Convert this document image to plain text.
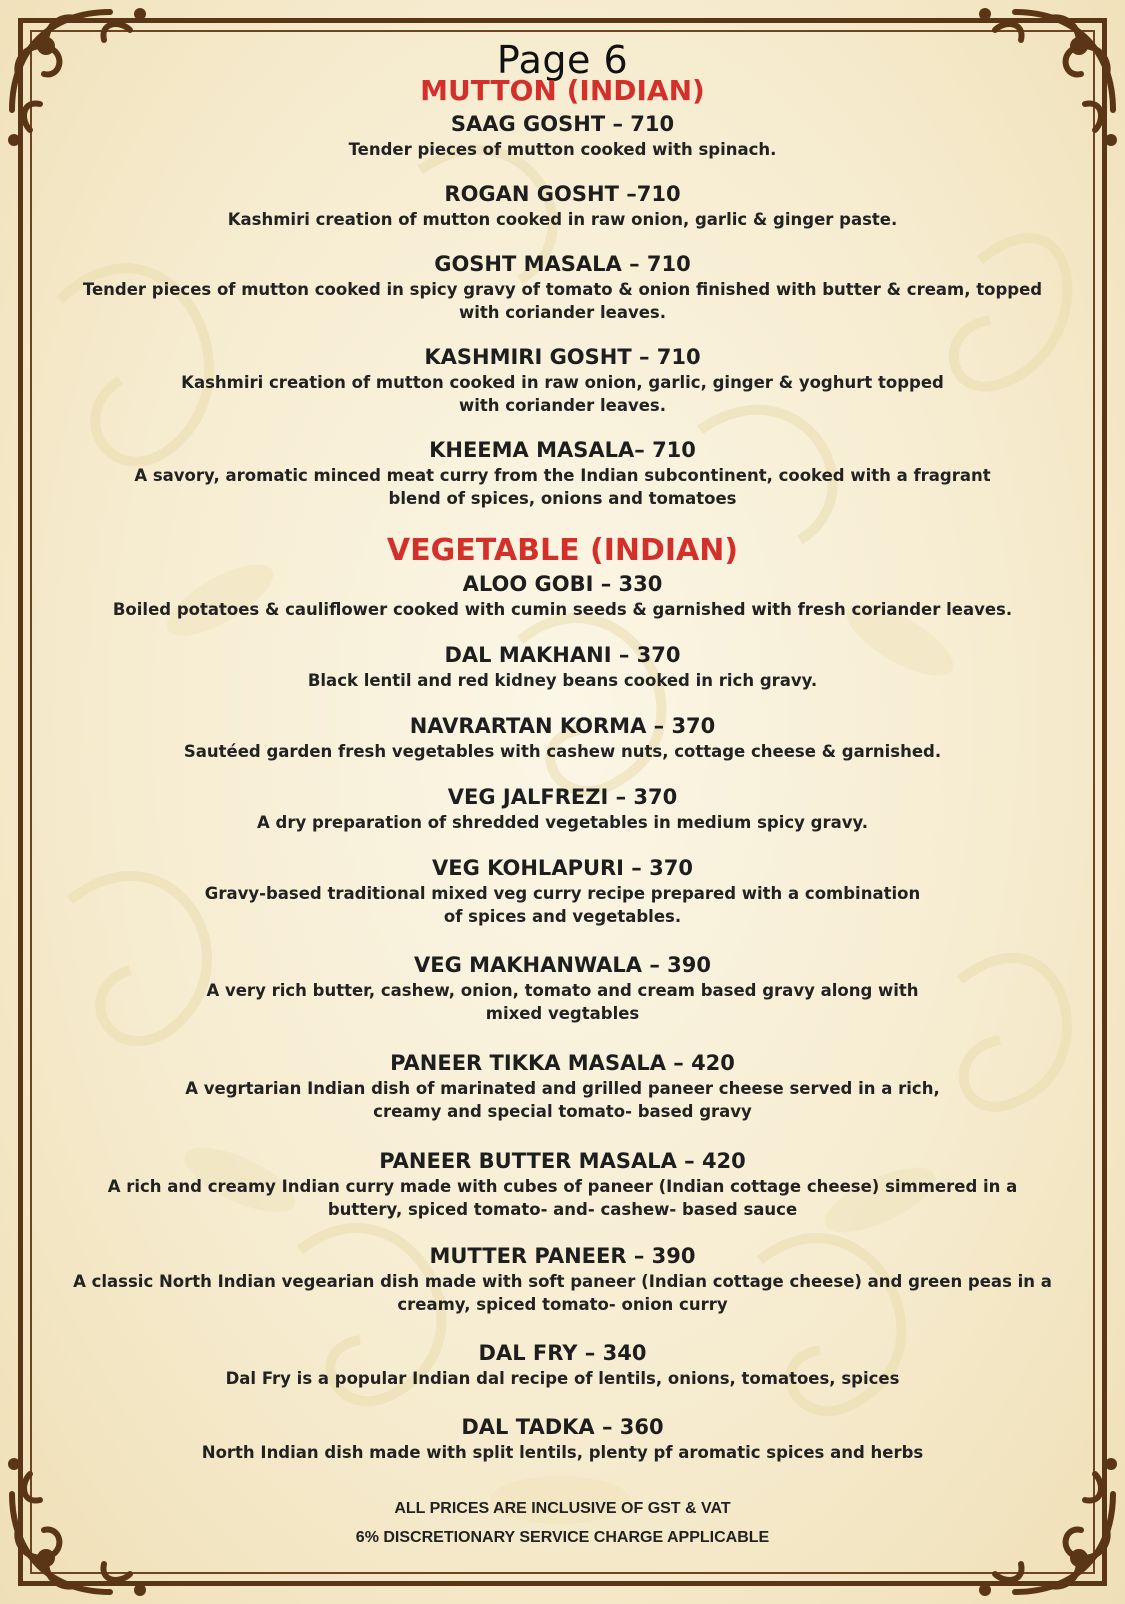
Page 6
MUTTON (INDIAN)
SAAG GOSHT – 710
Tender pieces of mutton cooked with spinach.
ROGAN GOSHT –710
Kashmiri creation of mutton cooked in raw onion, garlic & ginger paste.
GOSHT MASALA – 710
Tender pieces of mutton cooked in spicy gravy of tomato & onion finished with butter & cream, topped with coriander leaves.
KASHMIRI GOSHT – 710
Kashmiri creation of mutton cooked in raw onion, garlic, ginger & yoghurt topped with coriander leaves.
KHEEMA MASALA– 710
A savory, aromatic minced meat curry from the Indian subcontinent, cooked with a fragrant blend of spices, onions and tomatoes
VEGETABLE (INDIAN)
ALOO GOBI – 330
Boiled potatoes & cauliflower cooked with cumin seeds & garnished with fresh coriander leaves.
DAL MAKHANI – 370
Black lentil and red kidney beans cooked in rich gravy.
NAVRARTAN KORMA – 370
Sautéed garden fresh vegetables with cashew nuts, cottage cheese & garnished.
VEG JALFREZI – 370
A dry preparation of shredded vegetables in medium spicy gravy.
VEG KOHLAPURI – 370
Gravy-based traditional mixed veg curry recipe prepared with a combination of spices and vegetables.
VEG MAKHANWALA – 390
A very rich butter, cashew, onion, tomato and cream based gravy along with mixed vegtables
PANEER TIKKA MASALA – 420
A vegrtarian Indian dish of marinated and grilled paneer cheese served in a rich, creamy and special tomato- based gravy
PANEER BUTTER MASALA – 420
A rich and creamy Indian curry made with cubes of paneer (Indian cottage cheese) simmered in a buttery, spiced tomato- and- cashew- based sauce
MUTTER PANEER – 390
A classic North Indian vegearian dish made with soft paneer (Indian cottage cheese) and green peas in a creamy, spiced tomato- onion curry
DAL FRY – 340
Dal Fry is a popular Indian dal recipe of lentils, onions, tomatoes, spices
DAL TADKA – 360
North Indian dish made with split lentils, plenty pf aromatic spices and herbs
ALL PRICES ARE INCLUSIVE OF GST & VAT
6% DISCRETIONARY SERVICE CHARGE APPLICABLE
